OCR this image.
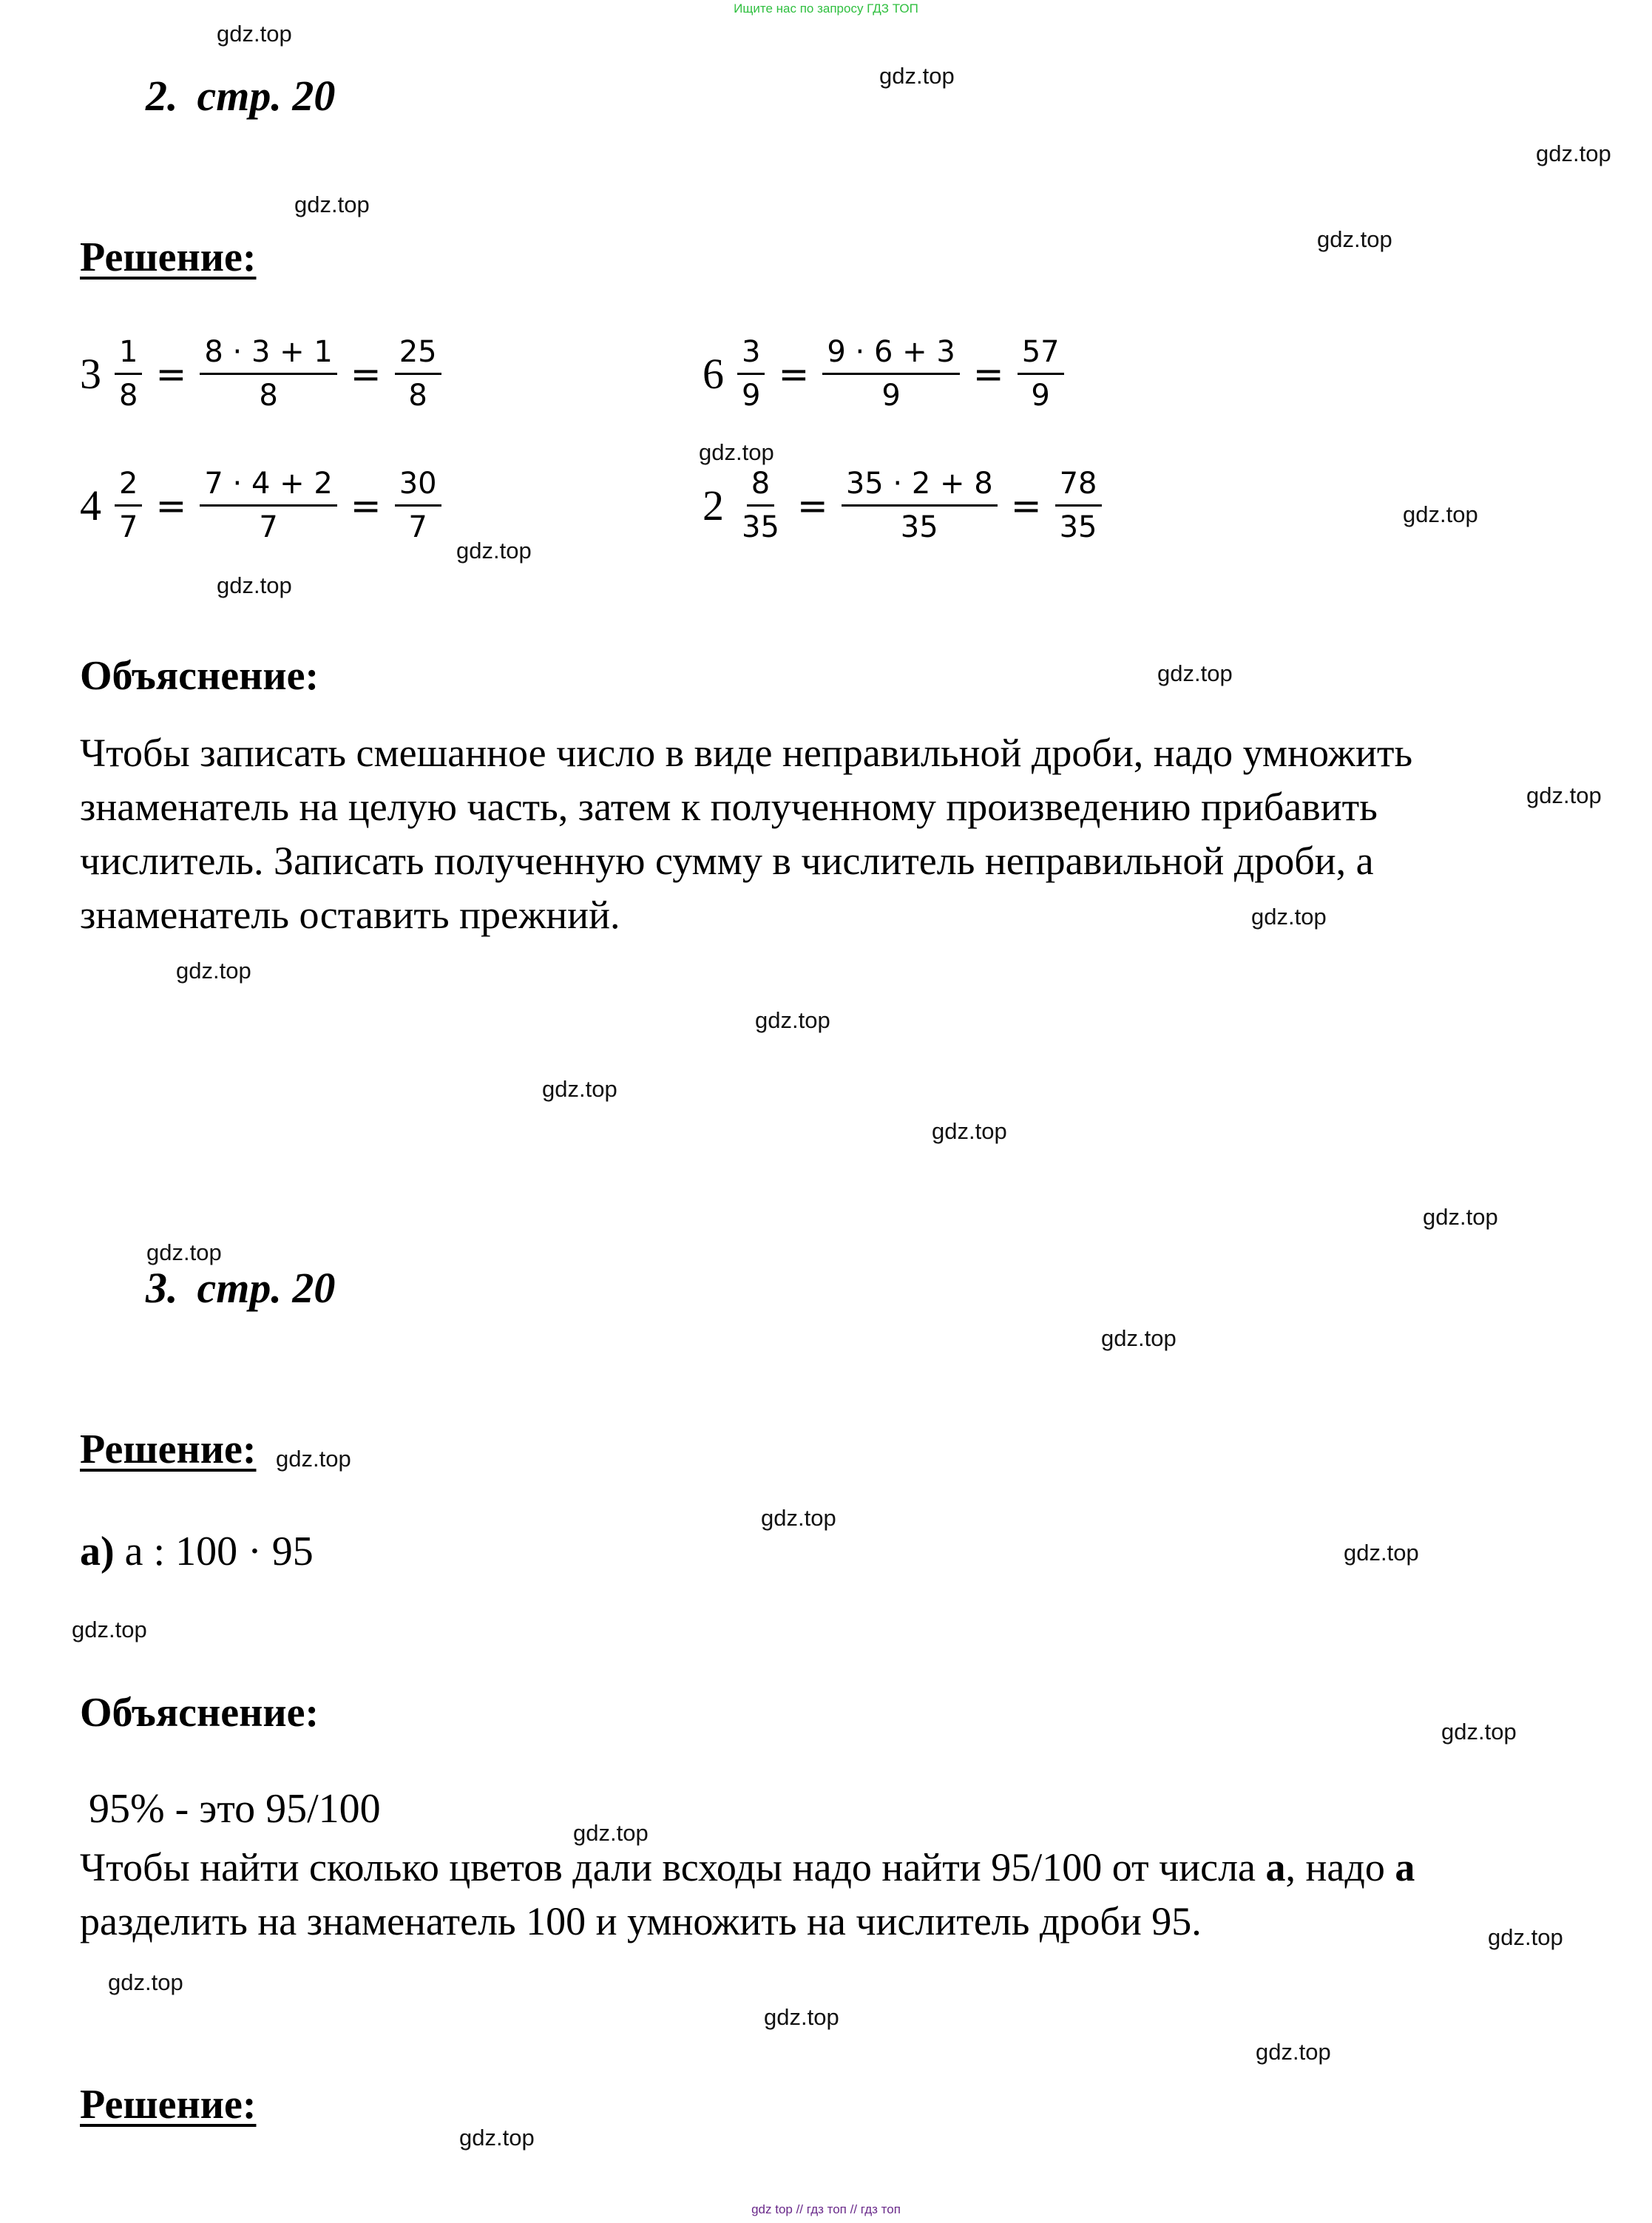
Ищите нас по запросу ГДЗ ТОП
gdz top // гдз топ // гдз топ
gdz.top
gdz.top
gdz.top
gdz.top
gdz.top
gdz.top
gdz.top
gdz.top
gdz.top
gdz.top
gdz.top
gdz.top
gdz.top
gdz.top
gdz.top
gdz.top
gdz.top
gdz.top
gdz.top
gdz.top
gdz.top
gdz.top
gdz.top
gdz.top
gdz.top
gdz.top
gdz.top
gdz.top
gdz.top
gdz.top
2. стр. 20
Решение:
$3 \frac{1}{8} = \frac{8 \cdot 3 + 1}{8} = \frac{25}{8}$	$6 \frac{3}{9} = \frac{9 \cdot 6 + 3}{9} = \frac{57}{9}$
$4 \frac{2}{7} = \frac{7 \cdot 4 + 2}{7} = \frac{30}{7}$	$2 \frac{8}{35} = \frac{35 \cdot 2 + 8}{35} = \frac{78}{35}$
Объяснение:
Чтобы записать смешанное число в виде неправильной дроби, надо умножить
знаменатель на целую часть, затем к полученному произведению прибавить
числитель. Записать полученную сумму в числитель неправильной дроби, а
знаменатель оставить прежний.
3. стр. 20
Решение:
а) а : 100 · 95
Объяснение:
95% - это 95/100
Чтобы найти сколько цветов дали всходы надо найти 95/100 от числа а, надо а
разделить на знаменатель 100 и умножить на числитель дроби 95.
Решение:
